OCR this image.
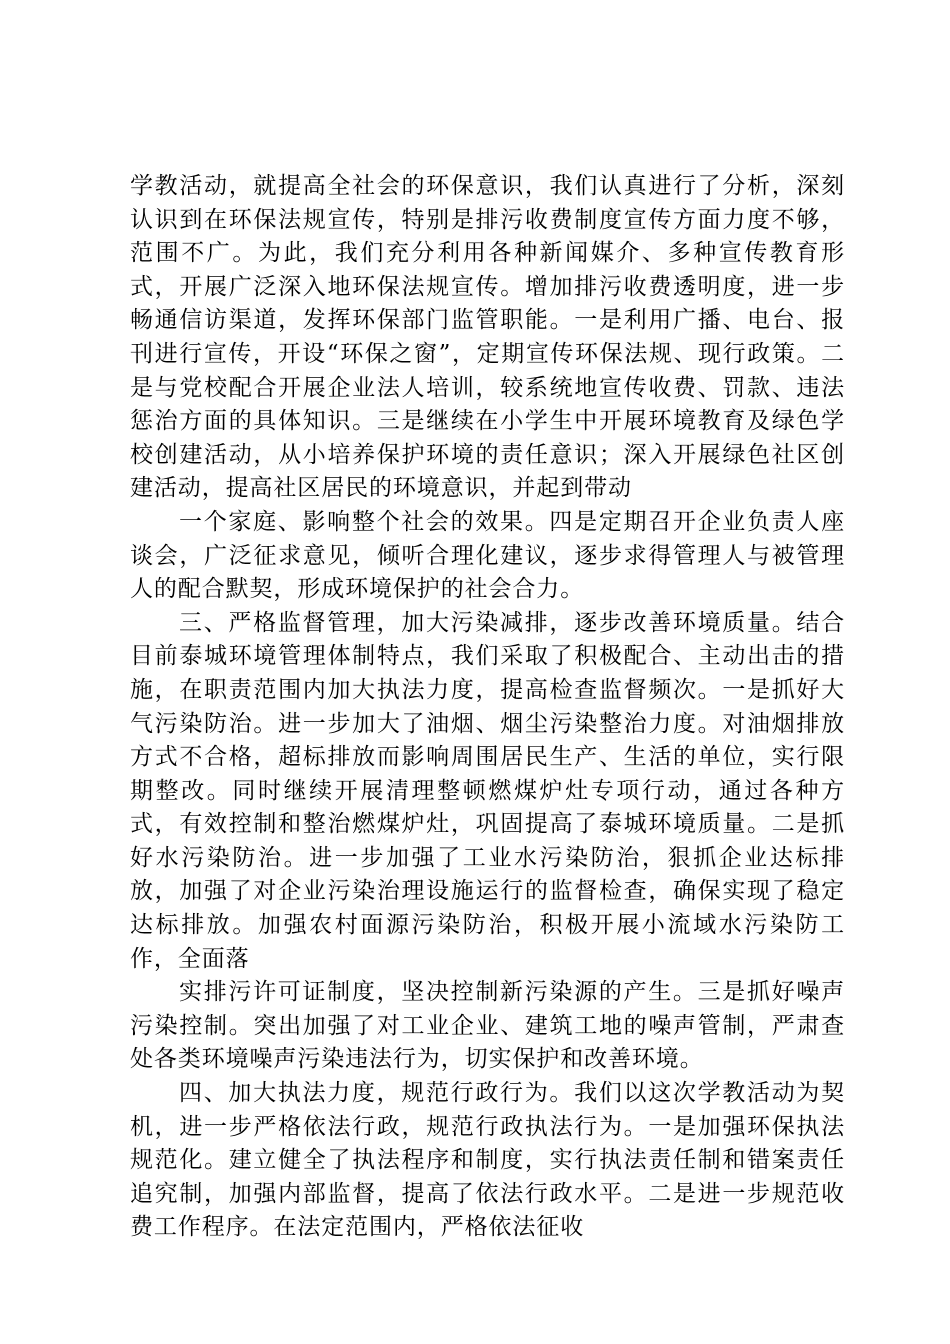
学教活动，就提高全社会的环保意识，我们认真进行了分析，深刻认识到在环保法规宣传，特别是排污收费制度宣传方面力度不够，范围不广。为此，我们充分利用各种新闻媒介、多种宣传教育形式，开展广泛深入地环保法规宣传。增加排污收费透明度，进一步畅通信访渠道，发挥环保部门监管职能。一是利用广播、电台、报刊进行宣传，开设“环保之窗”，定期宣传环保法规、现行政策。二是与党校配合开展企业法人培训，较系统地宣传收费、罚款、违法惩治方面的具体知识。三是继续在小学生中开展环境教育及绿色学校创建活动，从小培养保护环境的责任意识；深入开展绿色社区创建活动，提高社区居民的环境意识，并起到带动

一个家庭、影响整个社会的效果。四是定期召开企业负责人座谈会，广泛征求意见，倾听合理化建议，逐步求得管理人与被管理人的配合默契，形成环境保护的社会合力。

三、严格监督管理，加大污染减排，逐步改善环境质量。结合目前泰城环境管理体制特点，我们采取了积极配合、主动出击的措施，在职责范围内加大执法力度，提高检查监督频次。一是抓好大气污染防治。进一步加大了油烟、烟尘污染整治力度。对油烟排放方式不合格，超标排放而影响周围居民生产、生活的单位，实行限期整改。同时继续开展清理整顿燃煤炉灶专项行动，通过各种方式，有效控制和整治燃煤炉灶，巩固提高了泰城环境质量。二是抓好水污染防治。进一步加强了工业水污染防治，狠抓企业达标排放，加强了对企业污染治理设施运行的监督检查，确保实现了稳定达标排放。加强农村面源污染防治，积极开展小流域水污染防工作，全面落

实排污许可证制度，坚决控制新污染源的产生。三是抓好噪声污染控制。突出加强了对工业企业、建筑工地的噪声管制，严肃查处各类环境噪声污染违法行为，切实保护和改善环境。

四、加大执法力度，规范行政行为。我们以这次学教活动为契机，进一步严格依法行政，规范行政执法行为。一是加强环保执法规范化。建立健全了执法程序和制度，实行执法责任制和错案责任追究制，加强内部监督，提高了依法行政水平。二是进一步规范收费工作程序。在法定范围内，严格依法征收
